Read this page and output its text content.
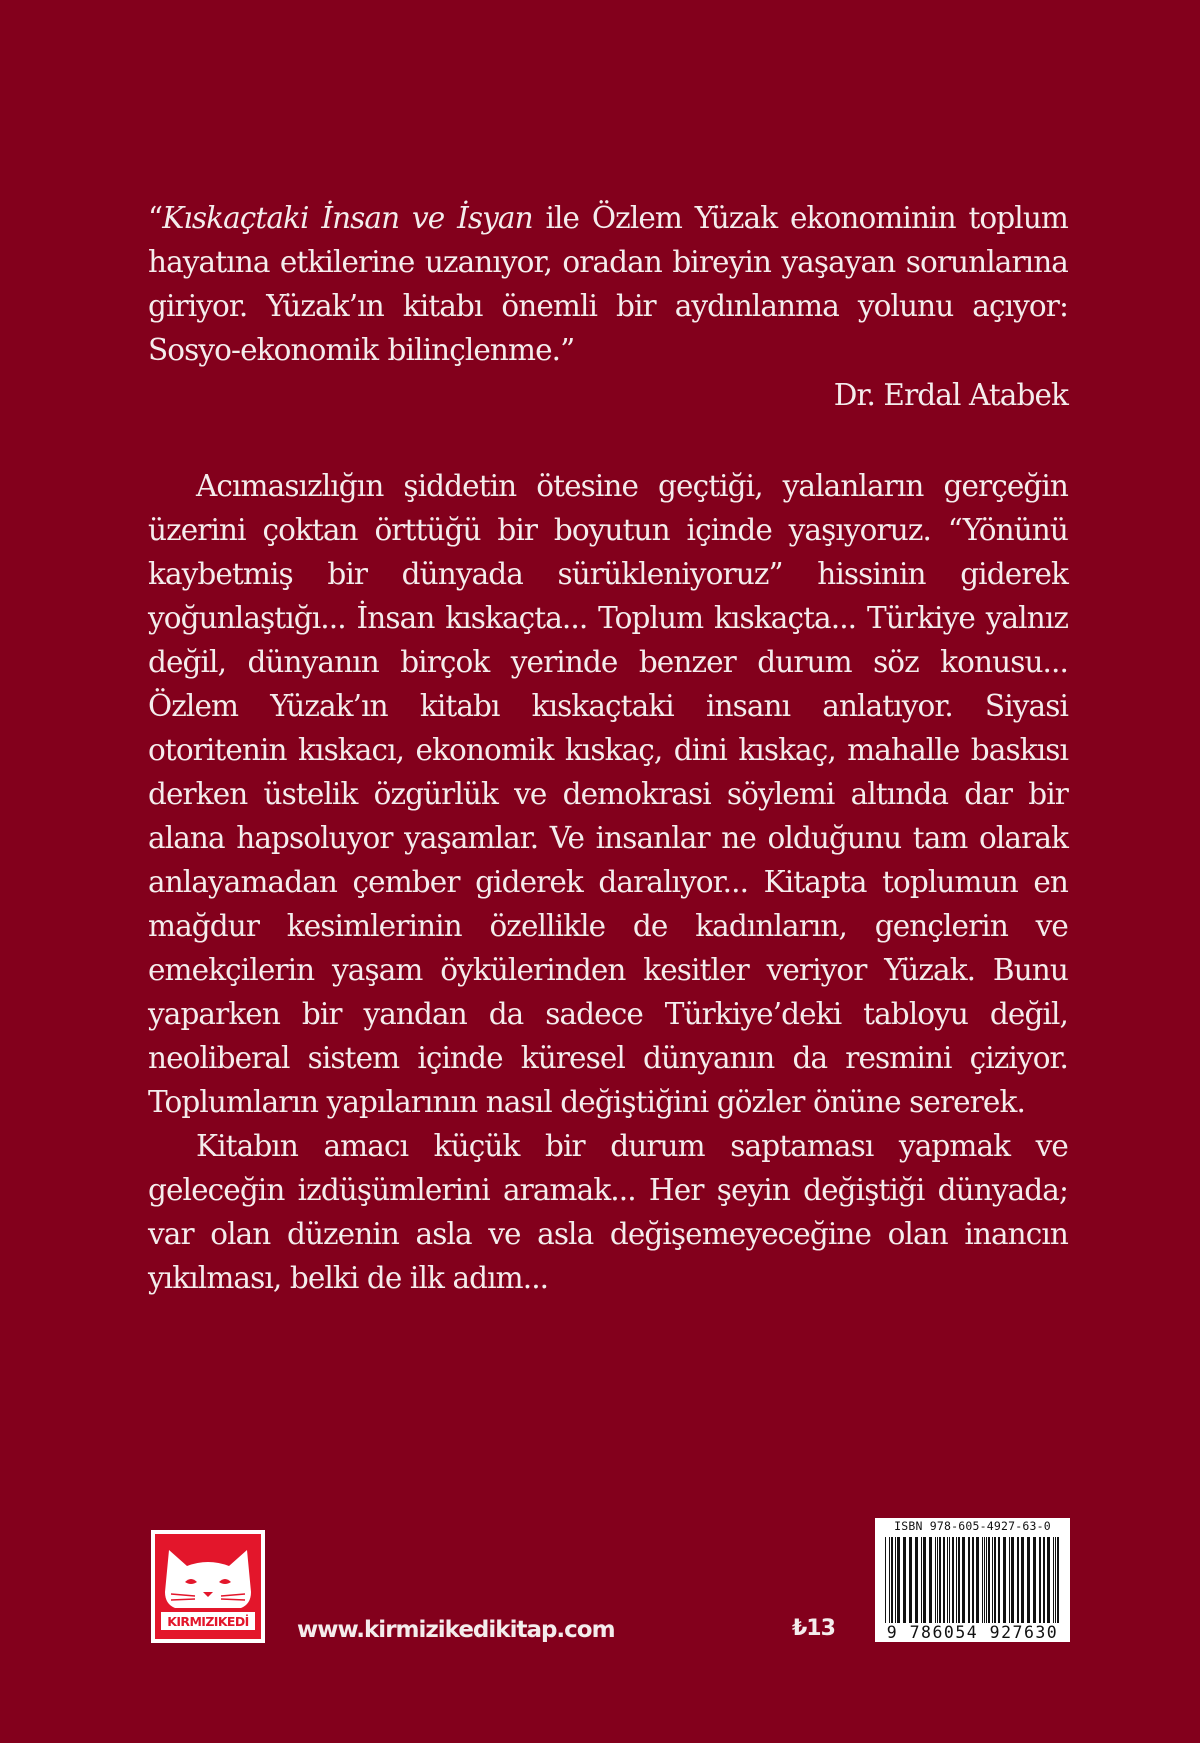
“Kıskaçtaki İnsan ve İsyan ile Özlem Yüzak ekonominin toplum hayatına etkilerine uzanıyor, oradan bireyin yaşayan sorunlarına giriyor. Yüzak’ın kitabı önemli bir aydınlanma yolunu açıyor: Sosyo-ekonomik bilinçlenme.”
Dr. Erdal Atabek

Acımasızlığın şiddetin ötesine geçtiği, yalanların gerçeğin üzerini çoktan örttüğü bir boyutun içinde yaşıyoruz. “Yönünü kaybetmiş bir dünyada sürükleniyoruz” hissinin giderek yoğunlaştığı... İnsan kıskaçta... Toplum kıskaçta... Türkiye yalnız değil, dünyanın birçok yerinde benzer durum söz konusu... Özlem Yüzak’ın kitabı kıskaçtaki insanı anlatıyor. Siyasi otoritenin kıskacı, ekonomik kıskaç, dini kıskaç, mahalle baskısı derken üstelik özgürlük ve demokrasi söylemi altında dar bir alana hapsoluyor yaşamlar. Ve insanlar ne olduğunu tam olarak anlayamadan çember giderek daralıyor... Kitapta toplumun en mağdur kesimlerinin özellikle de kadınların, gençlerin ve emekçilerin yaşam öykülerinden kesitler veriyor Yüzak. Bunu yaparken bir yandan da sadece Türkiye’deki tabloyu değil, neoliberal sistem içinde küresel dünyanın da resmini çiziyor. Toplumların yapılarının nasıl değiştiğini gözler önüne sererek.

Kitabın amacı küçük bir durum saptaması yapmak ve geleceğin izdüşümlerini aramak... Her şeyin değiştiği dünyada; var olan düzenin asla ve asla değişemeyeceğine olan inancın yıkılması, belki de ilk adım...

KIRMIZIKEDİ www.kirmizikedikitap.com	₺13
ISBN 978-605-4927-63-0
9 786054 927630
